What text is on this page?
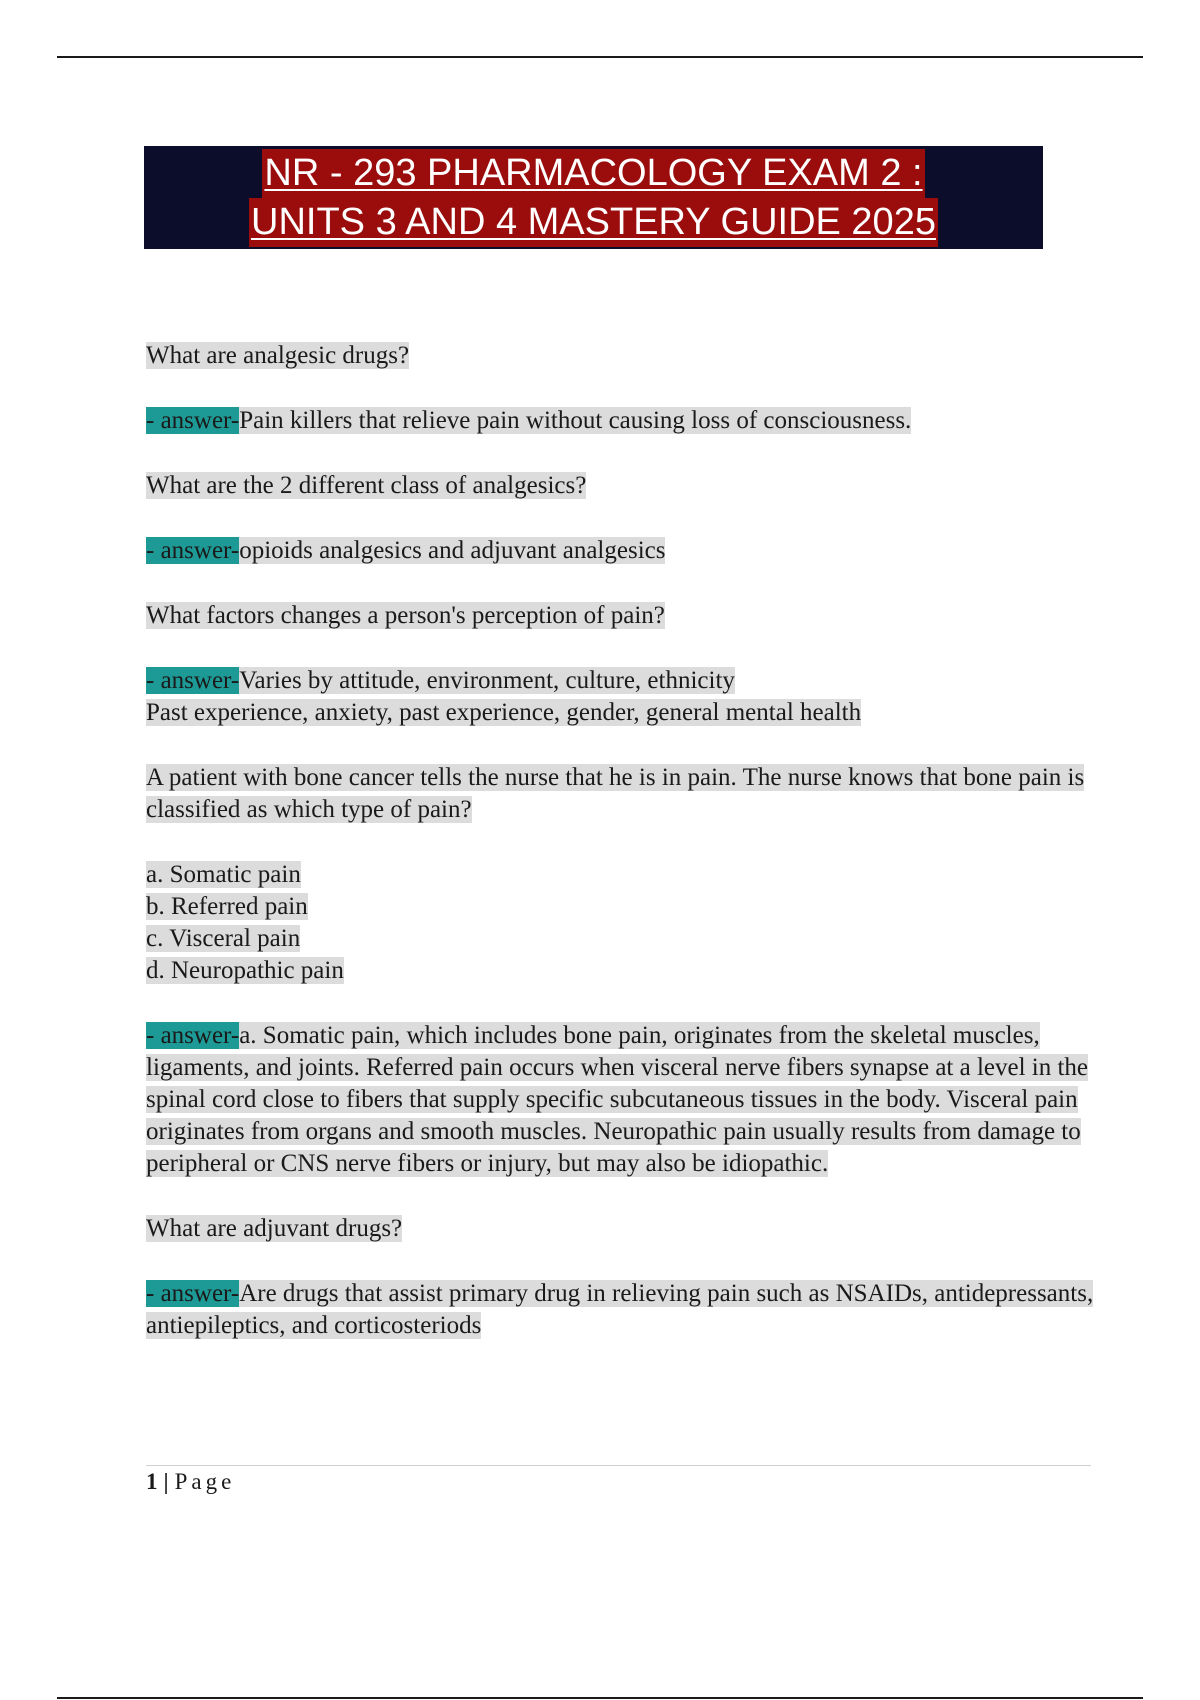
NR - 293 PHARMACOLOGY EXAM 2 :
UNITS 3 AND 4 MASTERY GUIDE 2025
What are analgesic drugs?
- answer-Pain killers that relieve pain without causing loss of consciousness.
What are the 2 different class of analgesics?
- answer-opioids analgesics and adjuvant analgesics
What factors changes a person's perception of pain?
- answer-Varies by attitude, environment, culture, ethnicity
Past experience, anxiety, past experience, gender, general mental health
A patient with bone cancer tells the nurse that he is in pain. The nurse knows that bone pain is classified as which type of pain?
a. Somatic pain
b. Referred pain
c. Visceral pain
d. Neuropathic pain
- answer-a. Somatic pain, which includes bone pain, originates from the skeletal muscles, ligaments, and joints. Referred pain occurs when visceral nerve fibers synapse at a level in the spinal cord close to fibers that supply specific subcutaneous tissues in the body. Visceral pain originates from organs and smooth muscles. Neuropathic pain usually results from damage to peripheral or CNS nerve fibers or injury, but may also be idiopathic.
What are adjuvant drugs?
- answer-Are drugs that assist primary drug in relieving pain such as NSAIDs, antidepressants, antiepileptics, and corticosteriods
1 | Page
